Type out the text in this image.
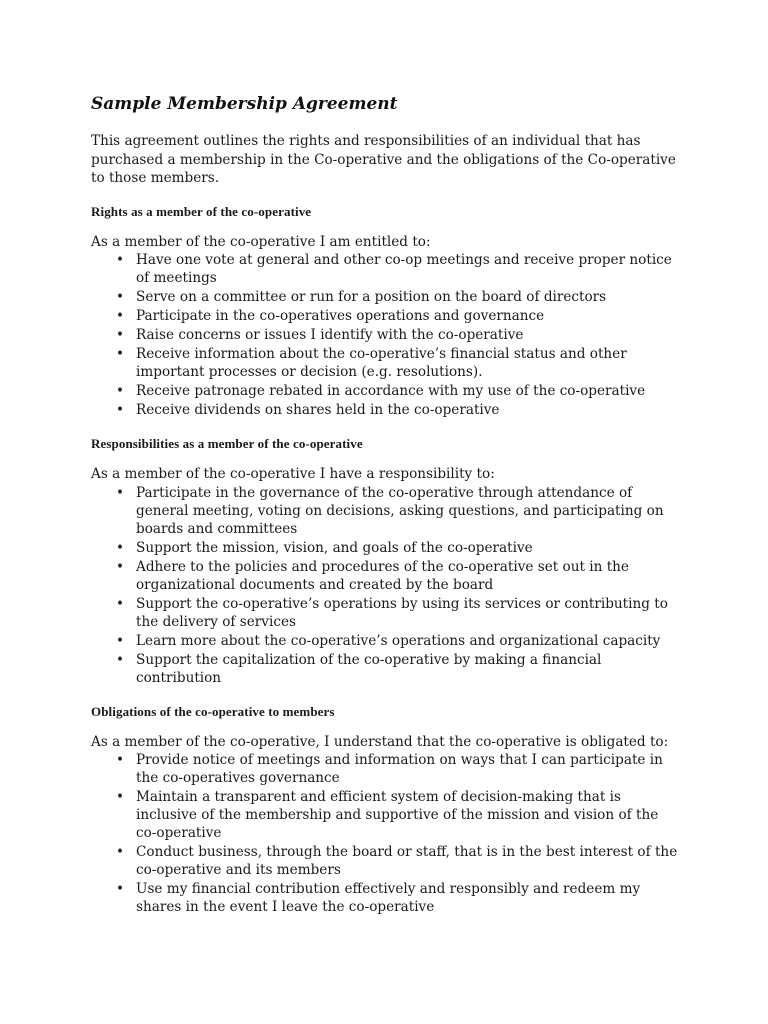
Sample Membership Agreement

This agreement outlines the rights and responsibilities of an individual that has purchased a membership in the Co-operative and the obligations of the Co-operative to those members.

Rights as a member of the co-operative

As a member of the co-operative I am entitled to:

• Have one vote at general and other co-op meetings and receive proper notice of meetings
• Serve on a committee or run for a position on the board of directors
• Participate in the co-operatives operations and governance
• Raise concerns or issues I identify with the co-operative
• Receive information about the co-operative’s financial status and other important processes or decision (e.g. resolutions).
• Receive patronage rebated in accordance with my use of the co-operative
• Receive dividends on shares held in the co-operative
Responsibilities as a member of the co-operative

As a member of the co-operative I have a responsibility to:

• Participate in the governance of the co-operative through attendance of general meeting, voting on decisions, asking questions, and participating on boards and committees
• Support the mission, vision, and goals of the co-operative
• Adhere to the policies and procedures of the co-operative set out in the organizational documents and created by the board
• Support the co-operative’s operations by using its services or contributing to the delivery of services
• Learn more about the co-operative’s operations and organizational capacity
• Support the capitalization of the co-operative by making a financial contribution
Obligations of the co-operative to members

As a member of the co-operative, I understand that the co-operative is obligated to:

• Provide notice of meetings and information on ways that I can participate in the co-operatives governance
• Maintain a transparent and efficient system of decision-making that is inclusive of the membership and supportive of the mission and vision of the co-operative
• Conduct business, through the board or staff, that is in the best interest of the co-operative and its members
• Use my financial contribution effectively and responsibly and redeem my shares in the event I leave the co-operative
